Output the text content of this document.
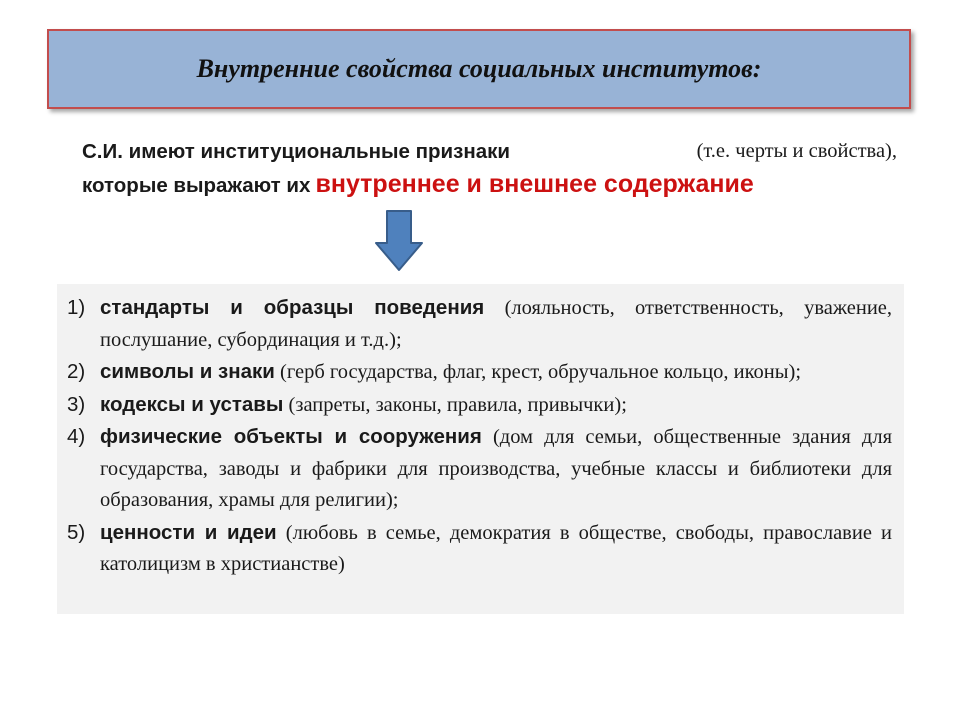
Внутренние свойства социальных институтов:
С.И. имеют институциональные признаки	(т.е. черты и свойства),
которые выражают их внутреннее и внешнее содержание
1) стандарты и образцы поведения (лояльность, ответственность, уважение, послушание, субординация и т.д.);
2) символы и знаки (герб государства, флаг, крест, обручальное кольцо, иконы);
3) кодексы и уставы (запреты, законы, правила, привычки);
4) физические объекты и сооружения (дом для семьи, общественные здания для государства, заводы и фабрики для производства, учебные классы и библиотеки для образования, храмы для религии);
5) ценности и идеи (любовь в семье, демократия в обществе, свободы, православие и католицизм в христианстве)
